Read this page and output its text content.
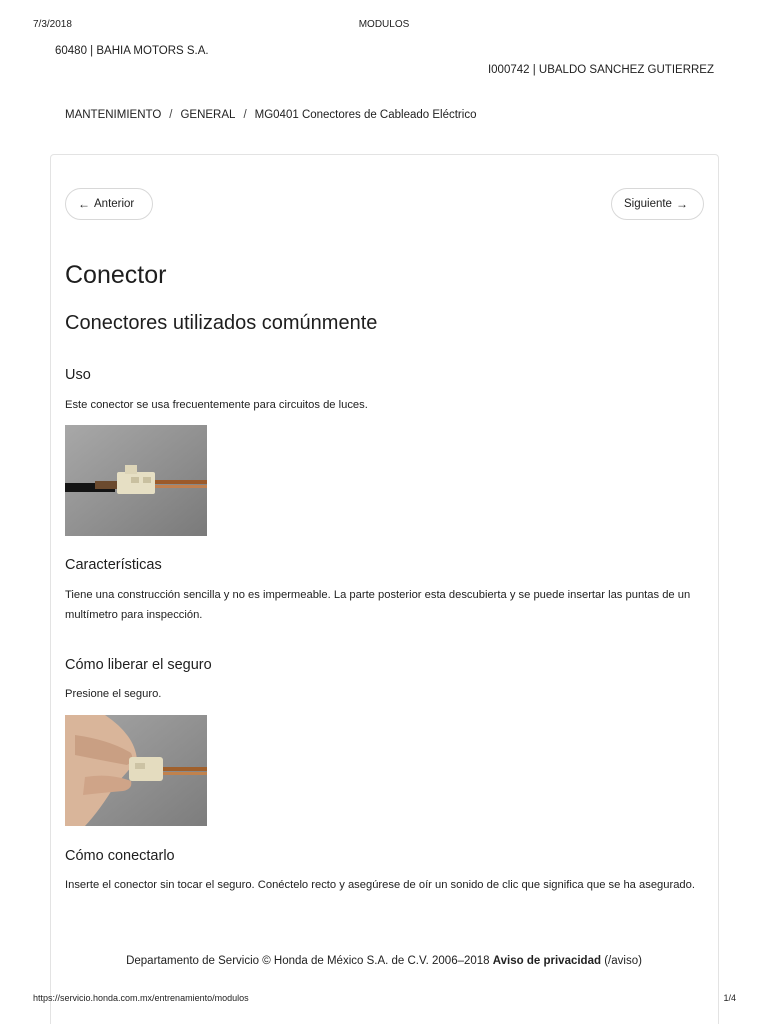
7/3/2018	MODULOS
60480 | BAHIA MOTORS S.A.
I000742 | UBALDO SANCHEZ GUTIERREZ
MANTENIMIENTO / GENERAL / MG0401 Conectores de Cableado Eléctrico
← Anterior	Siguiente →
Conector
Conectores utilizados comúnmente
Uso

Este conector se usa frecuentemente para circuitos de luces.

Características

Tiene una construcción sencilla y no es impermeable. La parte posterior esta descubierta y se puede insertar las puntas de un multímetro para inspección.

Cómo liberar el seguro

Presione el seguro.

Cómo conectarlo

Inserte el conector sin tocar el seguro. Conéctelo recto y asegúrese de oír un sonido de clic que significa que se ha asegurado.

Departamento de Servicio © Honda de México S.A. de C.V. 2006–2018 Aviso de privacidad (/aviso)
https://servicio.honda.com.mx/entrenamiento/modulos	1/4
